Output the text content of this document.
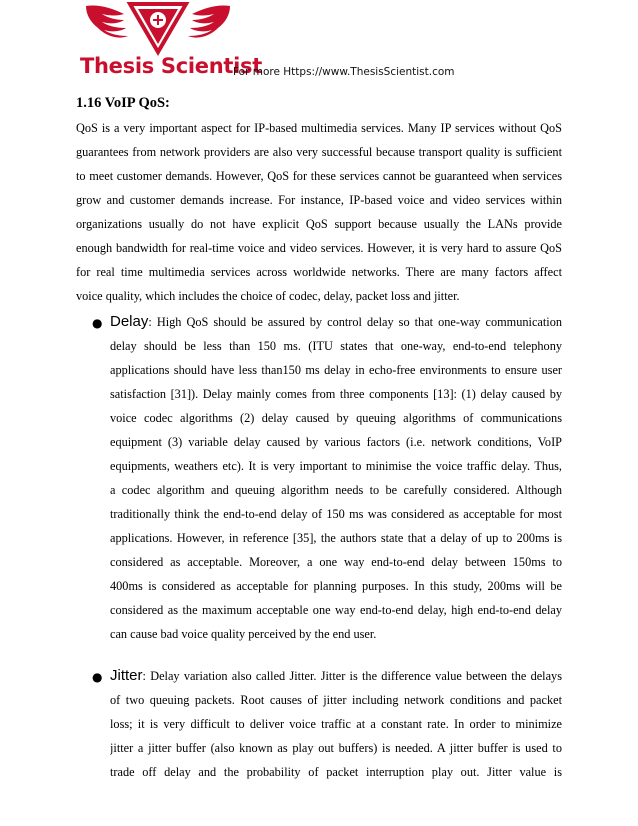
Thesis Scientist
For more Https://www.ThesisScientist.com
1.16 VoIP QoS:
QoS is a very important aspect for IP-based multimedia services. Many IP services without QoS
guarantees from network providers are also very successful because transport quality is sufficient
to meet customer demands. However, QoS for these services cannot be guaranteed when services
grow and customer demands increase. For instance, IP-based voice and video services within
organizations usually do not have explicit QoS support because usually the LANs provide
enough bandwidth for real-time voice and video services. However, it is very hard to assure QoS
for real time multimedia services across worldwide networks. There are many factors affect
voice quality, which includes the choice of codec, delay, packet loss and jitter.
● Delay: High QoS should be assured by control delay so that one-way communication
delay should be less than 150 ms. (ITU states that one-way, end-to-end telephony
applications should have less than150 ms delay in echo-free environments to ensure user
satisfaction [31]). Delay mainly comes from three components [13]: (1) delay caused by
voice codec algorithms (2) delay caused by queuing algorithms of communications
equipment (3) variable delay caused by various factors (i.e. network conditions, VoIP
equipments, weathers etc). It is very important to minimise the voice traffic delay. Thus,
a codec algorithm and queuing algorithm needs to be carefully considered. Although
traditionally think the end-to-end delay of 150 ms was considered as acceptable for most
applications. However, in reference [35], the authors state that a delay of up to 200ms is
considered as acceptable. Moreover, a one way end-to-end delay between 150ms to
400ms is considered as acceptable for planning purposes. In this study, 200ms will be
considered as the maximum acceptable one way end-to-end delay, high end-to-end delay
can cause bad voice quality perceived by the end user.
● Jitter: Delay variation also called Jitter. Jitter is the difference value between the delays
of two queuing packets. Root causes of jitter including network conditions and packet
loss; it is very difficult to deliver voice traffic at a constant rate. In order to minimize
jitter a jitter buffer (also known as play out buffers) is needed. A jitter buffer is used to
trade off delay and the probability of packet interruption play out. Jitter value is
